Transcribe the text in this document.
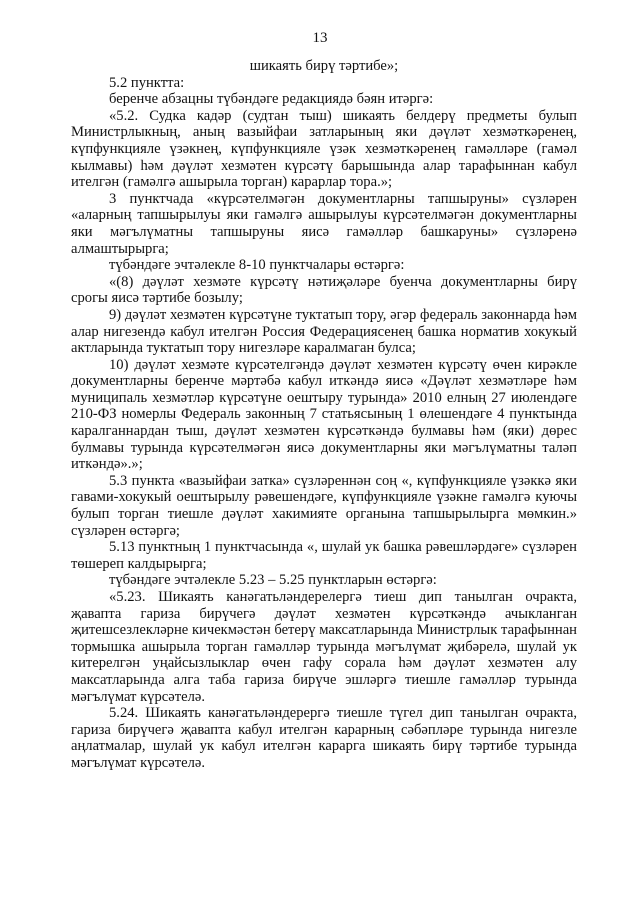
13

шикаять бирү тәртибе»;

5.2 пунктта:

беренче абзацны түбәндәге редакциядә бәян итәргә:

«5.2. Судка кадәр (судтан тыш) шикаять белдерү предметы булып Министрлыкның, аның вазыйфаи затларының яки дәүләт хезмәткәренең, күпфункцияле үзәкнең, күпфункцияле үзәк хезмәткәренең гамәлләре (гамәл кылмавы) һәм дәүләт хезмәтен күрсәтү барышында алар тарафыннан кабул ителгән (гамәлгә ашырыла торган) карарлар тора.»;

3 пунктчада «күрсәтелмәгән документларны тапшыруны» сүзләрен «аларның тапшырылуы яки гамәлгә ашырылуы күрсәтелмәгән документларны яки мәгълүматны тапшыруны яисә гамәлләр башкаруны» сүзләренә алмаштырырга;

түбәндәге эчтәлекле 8-10 пунктчалары өстәргә:

«(8) дәүләт хезмәте күрсәтү нәтиҗәләре буенча документларны бирү срогы яисә тәртибе бозылу;

9) дәүләт хезмәтен күрсәтүне туктатып тору, әгәр федераль законнарда һәм алар нигезендә кабул ителгән Россия Федерациясенең башка норматив хокукый актларында туктатып тору нигезләре каралмаган булса;

10) дәүләт хезмәте күрсәтелгәндә дәүләт хезмәтен күрсәтү өчен кирәкле документларны беренче мәртәбә кабул иткәндә яисә «Дәүләт хезмәтләре һәм муниципаль хезмәтләр күрсәтүне оештыру турында» 2010 елның 27 июлендәге 210-ФЗ номерлы Федераль законның 7 статьясының 1 өлешендәге 4 пунктында каралганнардан тыш, дәүләт хезмәтен күрсәткәндә булмавы һәм (яки) дөрес булмавы турында күрсәтелмәгән яисә документларны яки мәгълүматны таләп иткәндә».»;

5.3 пункта «вазыйфаи затка» сүзләреннән соң «, күпфункцияле үзәккә яки гавами-хокукый оештырылу рәвешендәге, күпфункцияле үзәкне гамәлгә куючы булып торган тиешле дәүләт хакимияте органына тапшырылырга мөмкин.» сүзләрен өстәргә;

5.13 пунктның 1 пунктчасында «, шулай ук башка рәвешләрдәге» сүзләрен төшереп калдырырга;

түбәндәге эчтәлекле 5.23 – 5.25 пунктларын өстәргә:

«5.23. Шикаять канәгатьләндерелергә тиеш дип танылган очракта, җавапта гариза бирүчегә дәүләт хезмәтен күрсәткәндә ачыкланган җитешсезлекләрне кичекмәстән бетерү максатларында Министрлык тарафыннан тормышка ашырыла торган гамәлләр турында мәгълүмат җибәрелә, шулай ук китерелгән уңайсызлыклар өчен гафу сорала һәм дәүләт хезмәтен алу максатларында алга таба гариза бирүче эшләргә тиешле гамәлләр турында мәгълүмат күрсәтелә.

5.24. Шикаять канәгатьләндерергә тиешле түгел дип танылган очракта, гариза бирүчегә җавапта кабул ителгән карарның сәбәпләре турында нигезле аңлатмалар, шулай ук кабул ителгән карарга шикаять бирү тәртибе турында мәгълүмат күрсәтелә.
